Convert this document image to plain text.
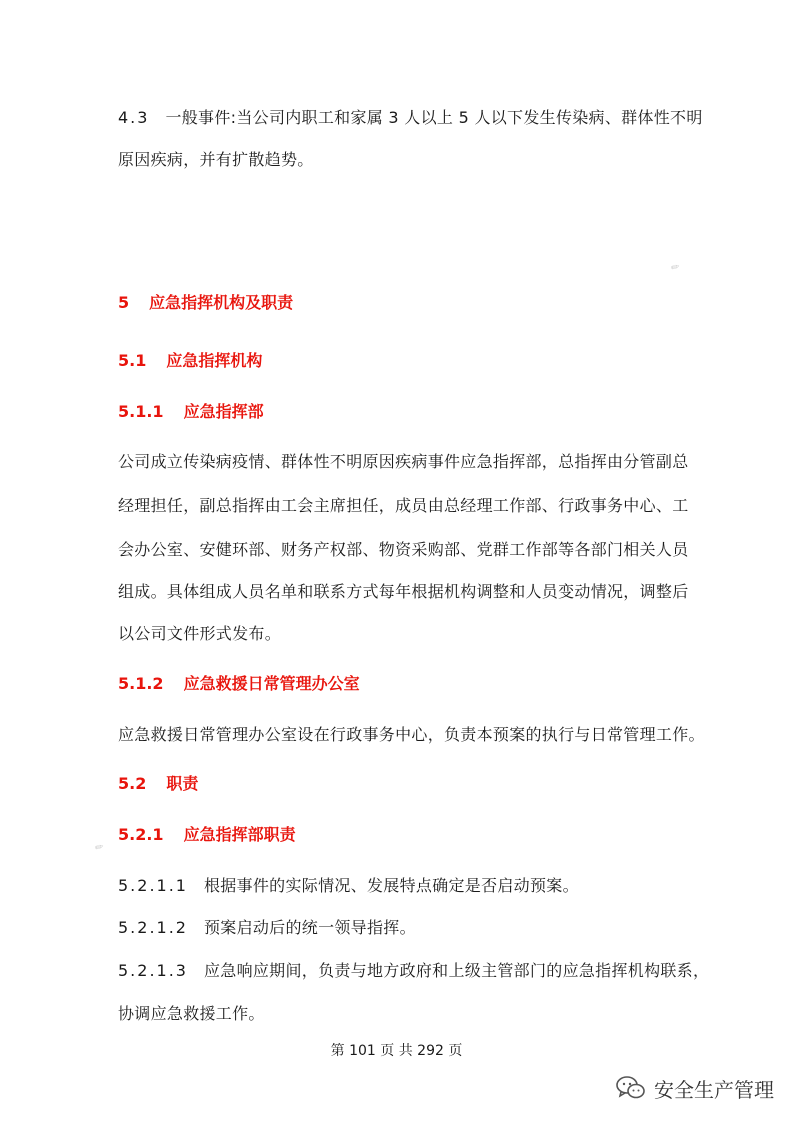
4.3 一般事件:当公司内职工和家属 3 人以上 5 人以下发生传染病、群体性不明
原因疾病，并有扩散趋势。
✎
✎
5 应急指挥机构及职责
5.1 应急指挥机构
5.1.1 应急指挥部
公司成立传染病疫情、群体性不明原因疾病事件应急指挥部，总指挥由分管副总
经理担任，副总指挥由工会主席担任，成员由总经理工作部、行政事务中心、工
会办公室、安健环部、财务产权部、物资采购部、党群工作部等各部门相关人员
组成。具体组成人员名单和联系方式每年根据机构调整和人员变动情况，调整后
以公司文件形式发布。
5.1.2 应急救援日常管理办公室
应急救援日常管理办公室设在行政事务中心，负责本预案的执行与日常管理工作。
5.2 职责
5.2.1 应急指挥部职责
5.2.1.1 根据事件的实际情况、发展特点确定是否启动预案。
5.2.1.2 预案启动后的统一领导指挥。
5.2.1.3 应急响应期间，负责与地方政府和上级主管部门的应急指挥机构联系，
协调应急救援工作。
第 101 页 共 292 页
安全生产管理
